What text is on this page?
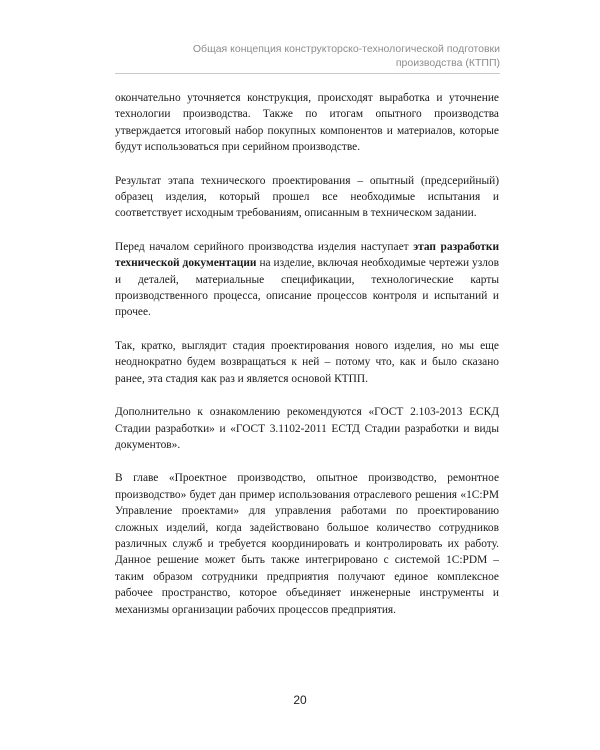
Общая концепция конструкторско-технологической подготовки
производства (КТПП)

окончательно уточняется конструкция, происходят выработка и уточнение технологии производства. Также по итогам опытного производства утверждается итоговый набор покупных компонентов и материалов, которые будут использоваться при серийном производстве.

Результат этапа технического проектирования – опытный (предсерийный) образец изделия, который прошел все необходимые испытания и соответствует исходным требованиям, описанным в техническом задании.

Перед началом серийного производства изделия наступает этап разработки технической документации на изделие, включая необходимые чертежи узлов и деталей, материальные спецификации, технологические карты производственного процесса, описание процессов контроля и испытаний и прочее.

Так, кратко, выглядит стадия проектирования нового изделия, но мы еще неоднократно будем возвращаться к ней – потому что, как и было сказано ранее, эта стадия как раз и является основой КТПП.

Дополнительно к ознакомлению рекомендуются «ГОСТ 2.103-2013 ЕСКД Стадии разработки» и «ГОСТ 3.1102-2011 ЕСТД Стадии разработки и виды документов».

В главе «Проектное производство, опытное производство, ремонтное производство» будет дан пример использования отраслевого решения «1С:PM Управление проектами» для управления работами по проектированию сложных изделий, когда задействовано большое количество сотрудников различных служб и требуется координировать и контролировать их работу. Данное решение может быть также интегрировано с системой 1С:PDM – таким образом сотрудники предприятия получают единое комплексное рабочее пространство, которое объединяет инженерные инструменты и механизмы организации рабочих процессов предприятия.

20
